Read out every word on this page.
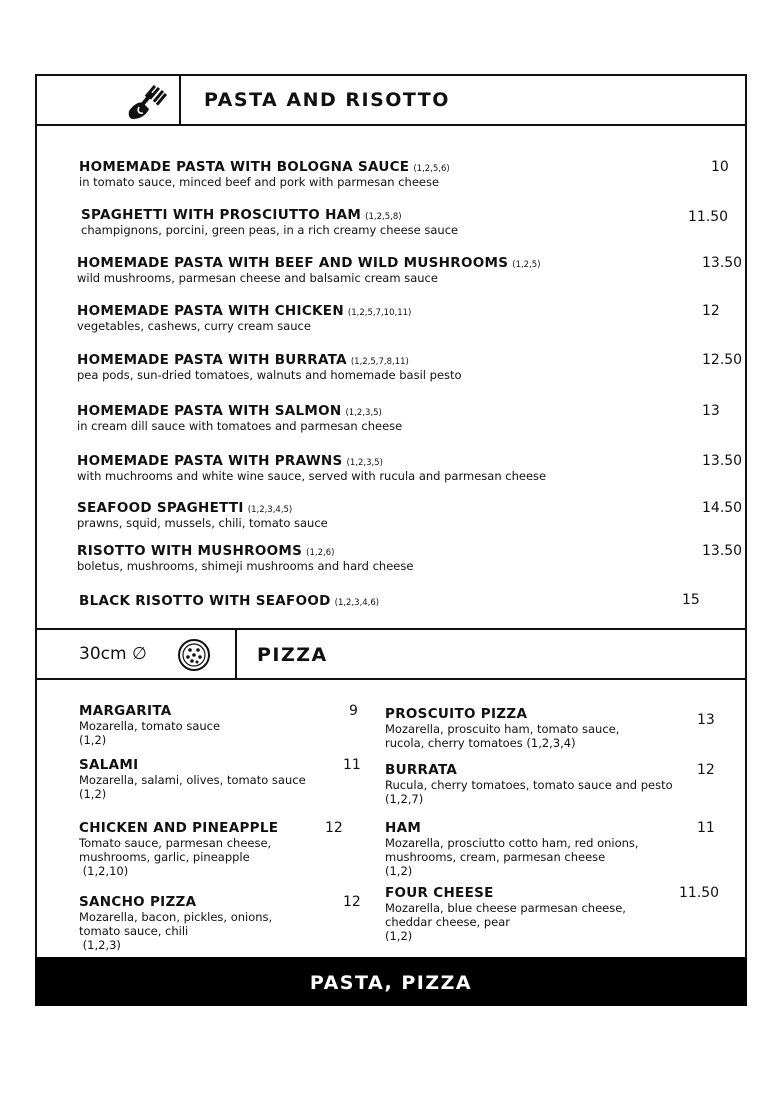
PASTA AND RISOTTO
HOMEMADE PASTA WITH BOLOGNA SAUCE (1,2,5,6)
in tomato sauce, minced beef and pork with parmesan cheese
10
SPAGHETTI WITH PROSCIUTTO HAM (1,2,5,8)
champignons, porcini, green peas, in a rich creamy cheese sauce
11.50
HOMEMADE PASTA WITH BEEF AND WILD MUSHROOMS (1,2,5)
wild mushrooms, parmesan cheese and balsamic cream sauce
13.50
HOMEMADE PASTA WITH CHICKEN (1,2,5,7,10,11)
vegetables, cashews, curry cream sauce
12
HOMEMADE PASTA WITH BURRATA (1,2,5,7,8,11)
pea pods, sun-dried tomatoes, walnuts and homemade basil pesto
12.50
HOMEMADE PASTA WITH SALMON (1,2,3,5)
in cream dill sauce with tomatoes and parmesan cheese
13
HOMEMADE PASTA WITH PRAWNS (1,2,3,5)
with muchrooms and white wine sauce, served with rucula and parmesan cheese
13.50
SEAFOOD SPAGHETTI (1,2,3,4,5)
prawns, squid, mussels, chili, tomato sauce
14.50
RISOTTO WITH MUSHROOMS (1,2,6)
boletus, mushrooms, shimeji mushrooms and hard cheese
13.50
BLACK RISOTTO WITH SEAFOOD (1,2,3,4,6)	15
30cm ∅	PIZZA
MARGARITA
Mozarella, tomato sauce
(1,2)
9
SALAMI
Mozarella, salami, olives, tomato sauce
(1,2)
11
CHICKEN AND PINEAPPLE
Tomato sauce, parmesan cheese,
mushrooms, garlic, pineapple
(1,2,10)
12
SANCHO PIZZA
Mozarella, bacon, pickles, onions,
tomato sauce, chili
(1,2,3)
12
PROSCUITO PIZZA
Mozarella, proscuito ham, tomato sauce,
rucola, cherry tomatoes (1,2,3,4)
13
BURRATA
Rucula, cherry tomatoes, tomato sauce and pesto
(1,2,7)
12
HAM
Mozarella, prosciutto cotto ham, red onions,
mushrooms, cream, parmesan cheese
(1,2)
11
FOUR CHEESE
Mozarella, blue cheese parmesan cheese,
cheddar cheese, pear
(1,2)
11.50
PASTA, PIZZA
